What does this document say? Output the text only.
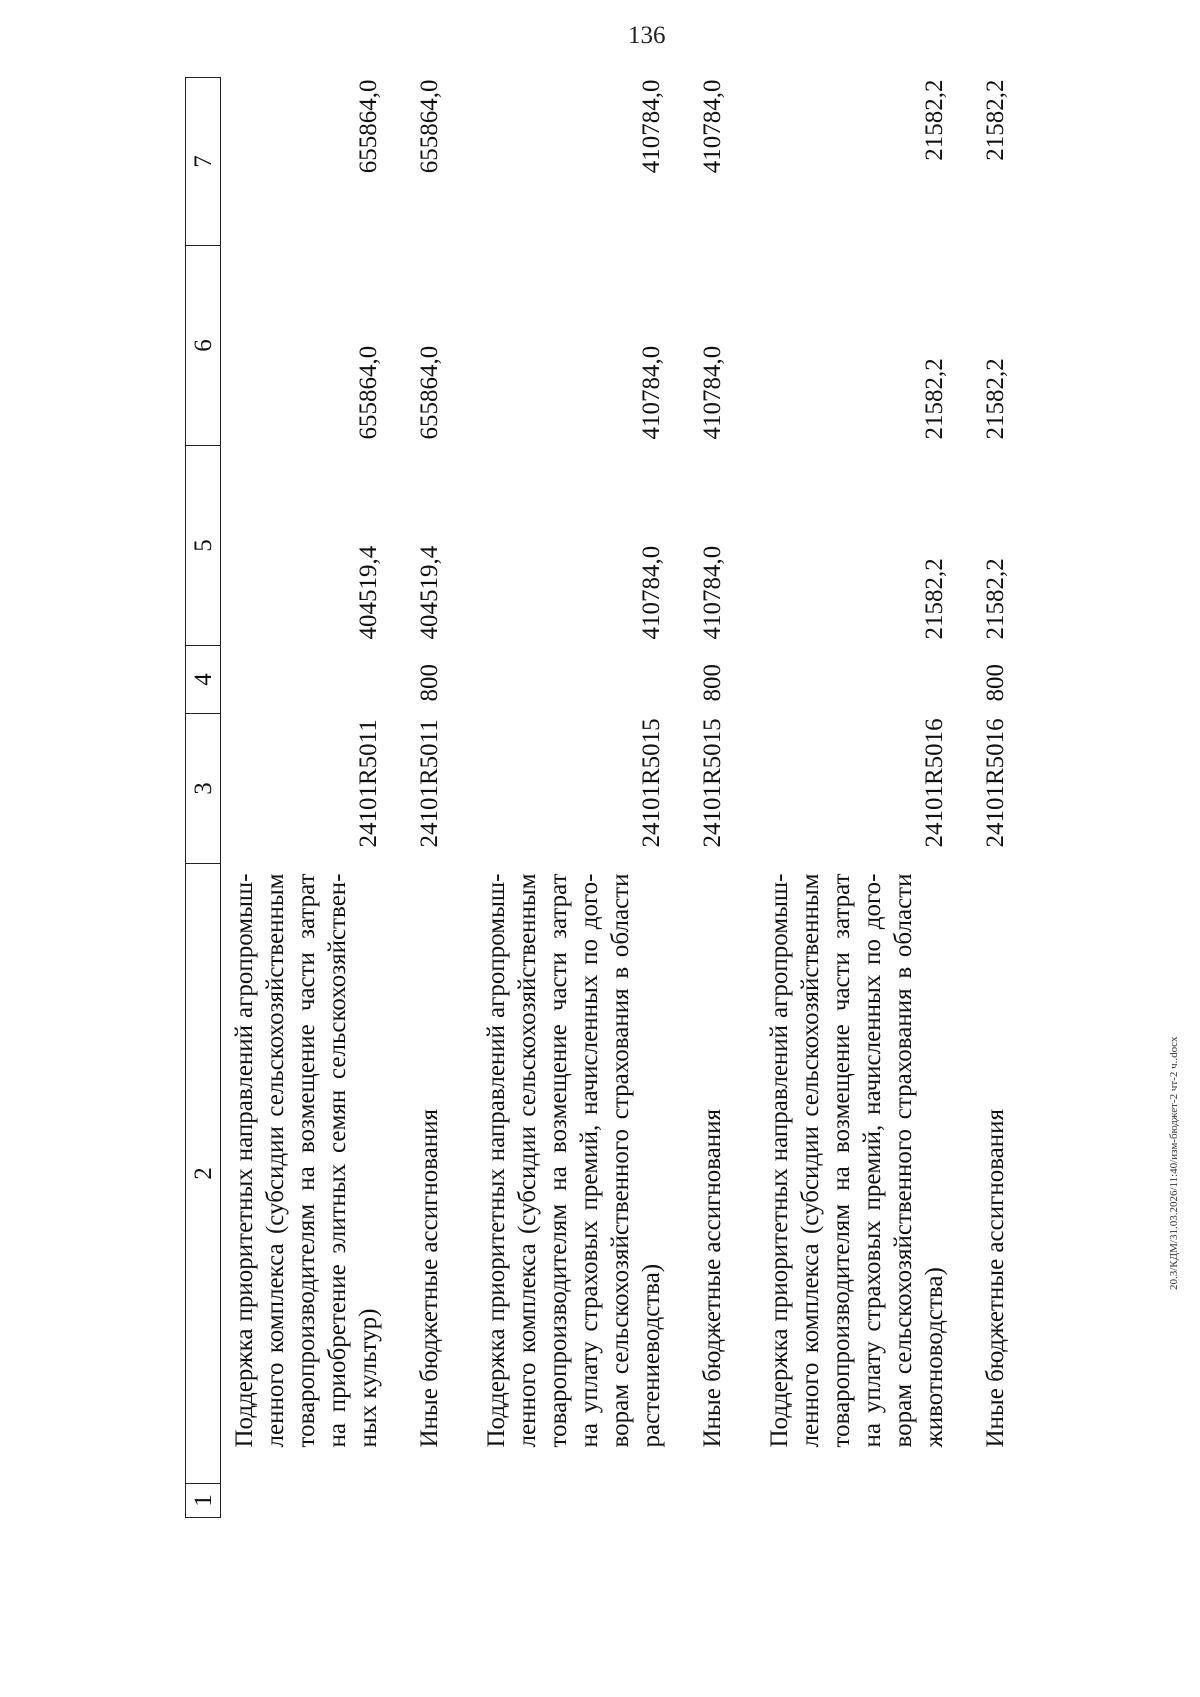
136
1	2	3	4	5	6	7
	Поддержка приоритетных направлений агропромыш-ленного комплекса (субсидии сельскохозяйственным товаропроизводителям на возмещение части затрат на приобретение элитных семян сельскохозяйствен-ных культур)	24101R5011		404519,4	655864,0	655864,0
	Иные бюджетные ассигнования	24101R5011	800	404519,4	655864,0	655864,0
	Поддержка приоритетных направлений агропромыш-ленного комплекса (субсидии сельскохозяйственным товаропроизводителям на возмещение части затрат на уплату страховых премий, начисленных по дого-ворам сельскохозяйственного страхования в области растениеводства)	24101R5015		410784,0	410784,0	410784,0
	Иные бюджетные ассигнования	24101R5015	800	410784,0	410784,0	410784,0
	Поддержка приоритетных направлений агропромыш-ленного комплекса (субсидии сельскохозяйственным товаропроизводителям на возмещение части затрат на уплату страховых премий, начисленных по дого-ворам сельскохозяйственного страхования в области животноводства)	24101R5016		21582,2	21582,2	21582,2
	Иные бюджетные ассигнования	24101R5016	800	21582,2	21582,2	21582,2
20.3/КДМ/31.03.2026/11:40/изм-бюджет-2 чт-2 ч..docx
